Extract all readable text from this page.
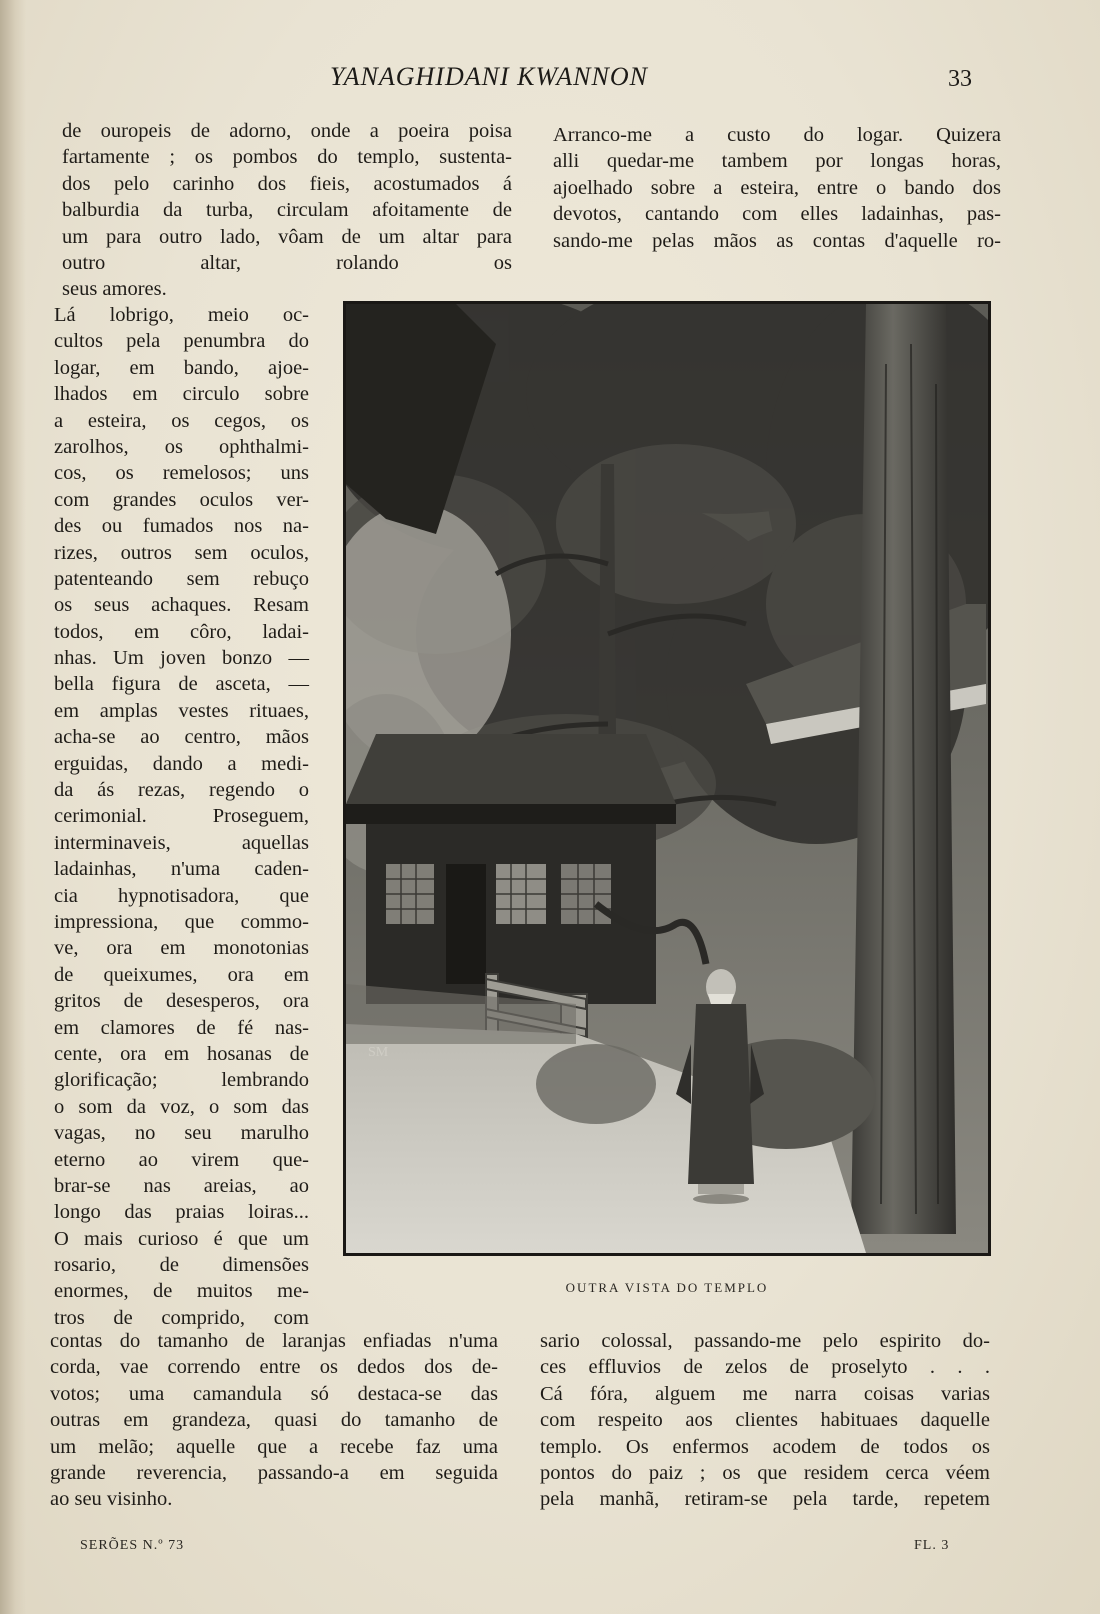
YANAGHIDANI KWANNON	33
de ouropeis de adorno, onde a poeira poisa
fartamente ; os pombos do templo, sustenta-
dos pelo carinho dos fieis, acostumados á
balburdia da turba, circulam afoitamente de
um para outro lado, vôam de um altar para
outro altar, rolando os
seus amores.
Lá lobrigo, meio oc-
cultos pela penumbra do
logar, em bando, ajoe-
lhados em circulo sobre
a esteira, os cegos, os
zarolhos, os ophthalmi-
cos, os remelosos; uns
com grandes oculos ver-
des ou fumados nos na-
rizes, outros sem oculos,
patenteando sem rebuço
os seus achaques. Resam
todos, em côro, ladai-
nhas. Um joven bonzo —
bella figura de asceta, —
em amplas vestes rituaes,
acha-se ao centro, mãos
erguidas, dando a medi-
da ás rezas, regendo o
cerimonial. Proseguem,
interminaveis, aquellas
ladainhas, n'uma caden-
cia hypnotisadora, que
impressiona, que commo-
ve, ora em monotonias
de queixumes, ora em
gritos de desesperos, ora
em clamores de fé nas-
cente, ora em hosanas de
glorificação; lembrando
o som da voz, o som das
vagas, no seu marulho
eterno ao virem que-
brar-se nas areias, ao
longo das praias loiras...
O mais curioso é que um
rosario, de dimensões
enormes, de muitos me-
tros de comprido, com
contas do tamanho de laranjas enfiadas n'uma
corda, vae correndo entre os dedos dos de-
votos; uma camandula só destaca-se das
outras em grandeza, quasi do tamanho de
um melão; aquelle que a recebe faz uma
grande reverencia, passando-a em seguida
ao seu visinho.
Arranco-me a custo do logar. Quizera
alli quedar-me tambem por longas horas,
ajoelhado sobre a esteira, entre o bando dos
devotos, cantando com elles ladainhas, pas-
sando-me pelas mãos as contas d'aquelle ro-
sario colossal, passando-me pelo espirito do-
ces effluvios de zelos de proselyto . . .
Cá fóra, alguem me narra coisas varias
com respeito aos clientes habituaes daquelle
templo. Os enfermos acodem de todos os
pontos do paiz ; os que residem cerca véem
pela manhã, retiram-se pela tarde, repetem
SM
OUTRA VISTA DO TEMPLO
SERÕES N.º 73	FL. 3
